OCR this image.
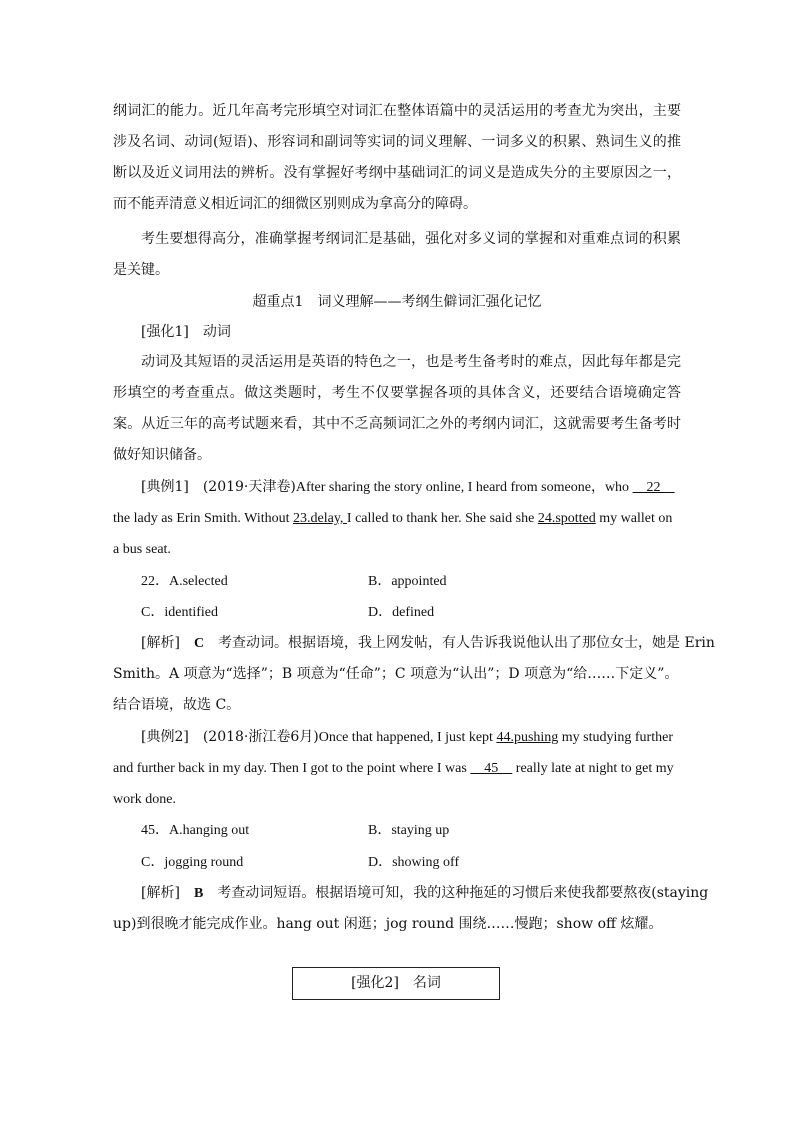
纲词汇的能力。近几年高考完形填空对词汇在整体语篇中的灵活运用的考查尤为突出，主要涉及名词、动词(短语)、形容词和副词等实词的词义理解、一词多义的积累、熟词生义的推断以及近义词用法的辨析。没有掌握好考纲中基础词汇的词义是造成失分的主要原因之一，而不能弄清意义相近词汇的细微区别则成为拿高分的障碍。
考生要想得高分，准确掌握考纲词汇是基础，强化对多义词的掌握和对重难点词的积累是关键。
超重点1　词义理解——考纲生僻词汇强化记忆
[强化1]　动词
动词及其短语的灵活运用是英语的特色之一，也是考生备考时的难点，因此每年都是完形填空的考查重点。做这类题时，考生不仅要掌握各项的具体含义，还要结合语境确定答案。从近三年的高考试题来看，其中不乏高频词汇之外的考纲内词汇，这就需要考生备考时做好知识储备。
[典例1]　 (2019·天津卷)After sharing the story online, I heard from someone，who 　22　
the lady as Erin Smith. Without 23.delay, I called to thank her. She said she 24.spotted my wallet on
a bus seat.
22．A.selected	B．appointed
C．identified	D．defined
[解析]　 C　考查动词。根据语境，我上网发帖，有人告诉我说他认出了那位女士，她是 Erin
Smith。A 项意为“选择”；B 项意为“任命”；C 项意为“认出”；D 项意为“给……下定义”。
结合语境，故选 C。
[典例2]　 (2018·浙江卷6月)Once that happened, I just kept 44.pushing my studying further
and further back in my day. Then I got to the point where I was 　45　 really late at night to get my
work done.
45．A.hanging out	B．staying up
C．jogging round	D．showing off
[解析]　 B　考查动词短语。根据语境可知，我的这种拖延的习惯后来使我都要熬夜(staying
up)到很晚才能完成作业。hang out 闲逛；jog round 围绕……慢跑；show off 炫耀。
[强化2]　名词
